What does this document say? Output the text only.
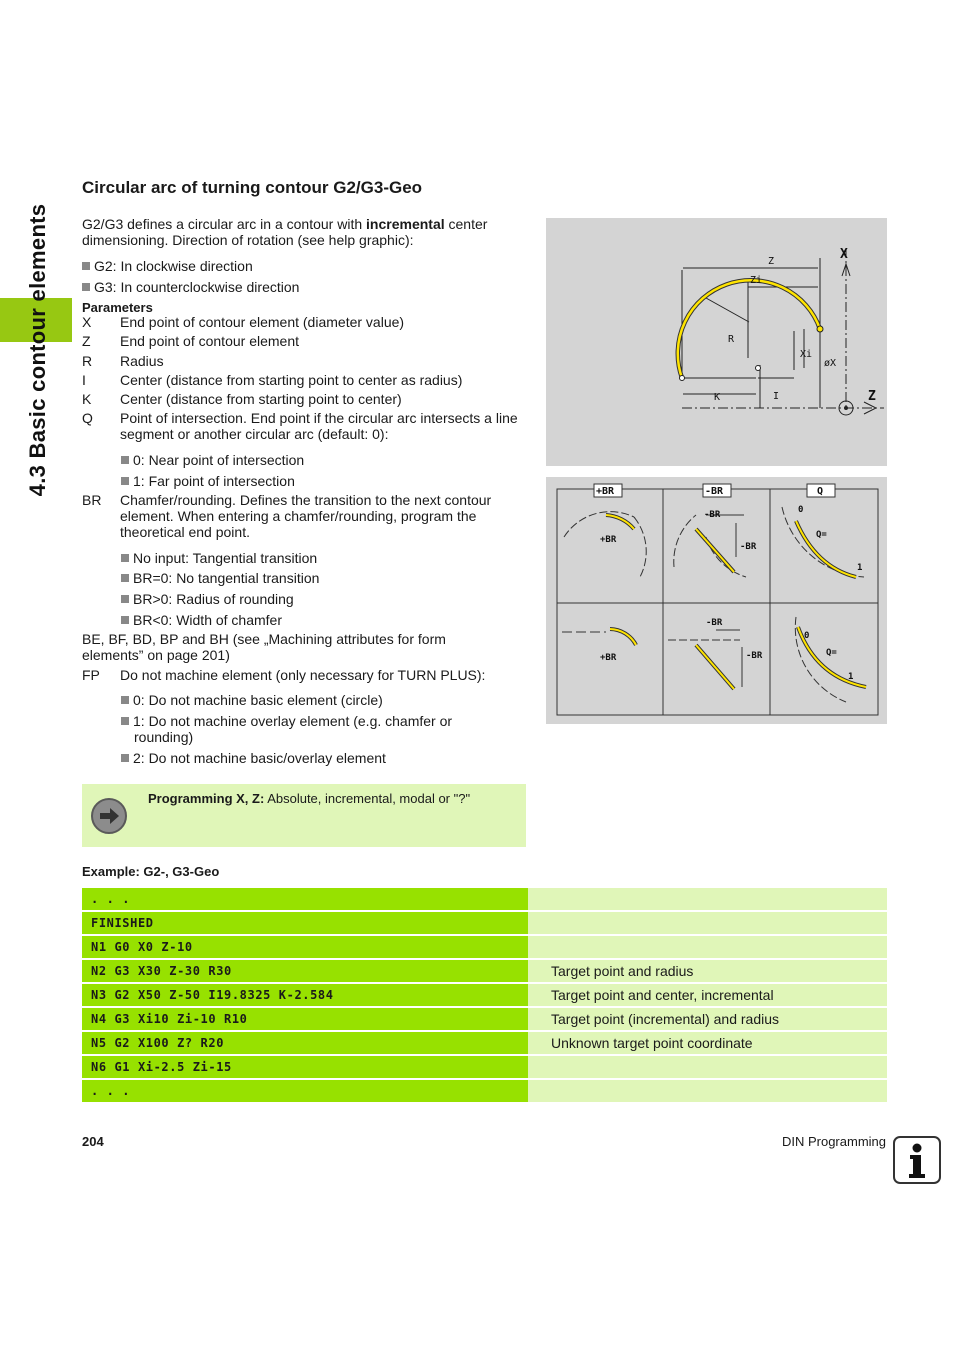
4.3 Basic contour elements
Circular arc of turning contour G2/G3-Geo
G2/G3 defines a circular arc in a contour with incremental center dimensioning. Direction of rotation (see help graphic):
G2: In clockwise direction
G3: In counterclockwise direction
Parameters
X End point of contour element (diameter value)
Z End point of contour element
R Radius
I Center (distance from starting point to center as radius)
K Center (distance from starting point to center)
Q Point of intersection. End point if the circular arc intersects a line segment or another circular arc (default: 0):
0: Near point of intersection
1: Far point of intersection
BR Chamfer/rounding. Defines the transition to the next contour element. When entering a chamfer/rounding, program the theoretical end point.
No input: Tangential transition
BR=0: No tangential transition
BR>0: Radius of rounding
BR<0: Width of chamfer
BE, BF, BD, BP and BH (see „Machining attributes for form elements” on page 201)
FP Do not machine element (only necessary for TURN PLUS):
0: Do not machine basic element (circle)
1: Do not machine overlay element (e.g. chamfer or rounding)
2: Do not machine basic/overlay element
Z
Zi
R
Xi
øX
K	I
X
Z
+BR	-BR	Q
+BR
-BR
-BR
0
Q=
1
+BR
-BR
-BR
0
Q=
1
Programming X, Z: Absolute, incremental, modal or "?"
Example: G2-, G3-Geo
. . .
FINISHED
N1 G0 X0 Z-10
N2 G3 X30 Z-30 R30	Target point and radius
N3 G2 X50 Z-50 I19.8325 K-2.584	Target point and center, incremental
N4 G3 Xi10 Zi-10 R10	Target point (incremental) and radius
N5 G2 X100 Z? R20	Unknown target point coordinate
N6 G1 Xi-2.5 Zi-15
. . .
204	DIN Programming
